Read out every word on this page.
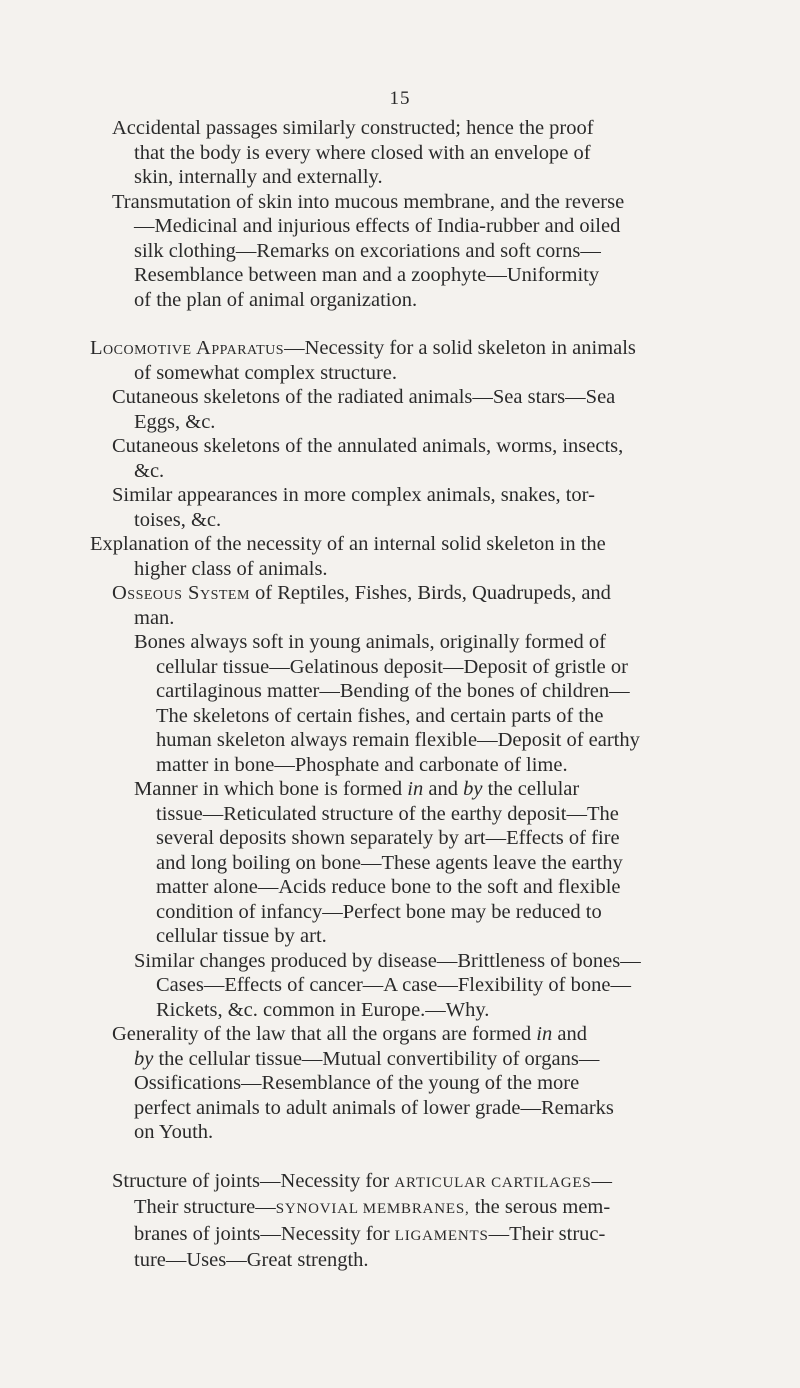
15

Accidental passages similarly constructed; hence the proof
that the body is every where closed with an envelope of
skin, internally and externally.

Transmutation of skin into mucous membrane, and the reverse
—Medicinal and injurious effects of India-rubber and oiled
silk clothing—Remarks on excoriations and soft corns—
Resemblance between man and a zoophyte—Uniformity
of the plan of animal organization.

Locomotive Apparatus—Necessity for a solid skeleton in animals
of somewhat complex structure.

Cutaneous skeletons of the radiated animals—Sea stars—Sea
Eggs, &c.

Cutaneous skeletons of the annulated animals, worms, insects,
&c.

Similar appearances in more complex animals, snakes, tor-
toises, &c.

Explanation of the necessity of an internal solid skeleton in the
higher class of animals.

Osseous System of Reptiles, Fishes, Birds, Quadrupeds, and
man.

Bones always soft in young animals, originally formed of
cellular tissue—Gelatinous deposit—Deposit of gristle or
cartilaginous matter—Bending of the bones of children—
The skeletons of certain fishes, and certain parts of the
human skeleton always remain flexible—Deposit of earthy
matter in bone—Phosphate and carbonate of lime.

Manner in which bone is formed in and by the cellular
tissue—Reticulated structure of the earthy deposit—The
several deposits shown separately by art—Effects of fire
and long boiling on bone—These agents leave the earthy
matter alone—Acids reduce bone to the soft and flexible
condition of infancy—Perfect bone may be reduced to
cellular tissue by art.

Similar changes produced by disease—Brittleness of bones—
Cases—Effects of cancer—A case—Flexibility of bone—
Rickets, &c. common in Europe.—Why.

Generality of the law that all the organs are formed in and
by the cellular tissue—Mutual convertibility of organs—
Ossifications—Resemblance of the young of the more
perfect animals to adult animals of lower grade—Remarks
on Youth.

Structure of joints—Necessity for ARTICULAR CARTILAGES—
Their structure—SYNOVIAL MEMBRANES, the serous mem-
branes of joints—Necessity for LIGAMENTS—Their struc-
ture—Uses—Great strength.
